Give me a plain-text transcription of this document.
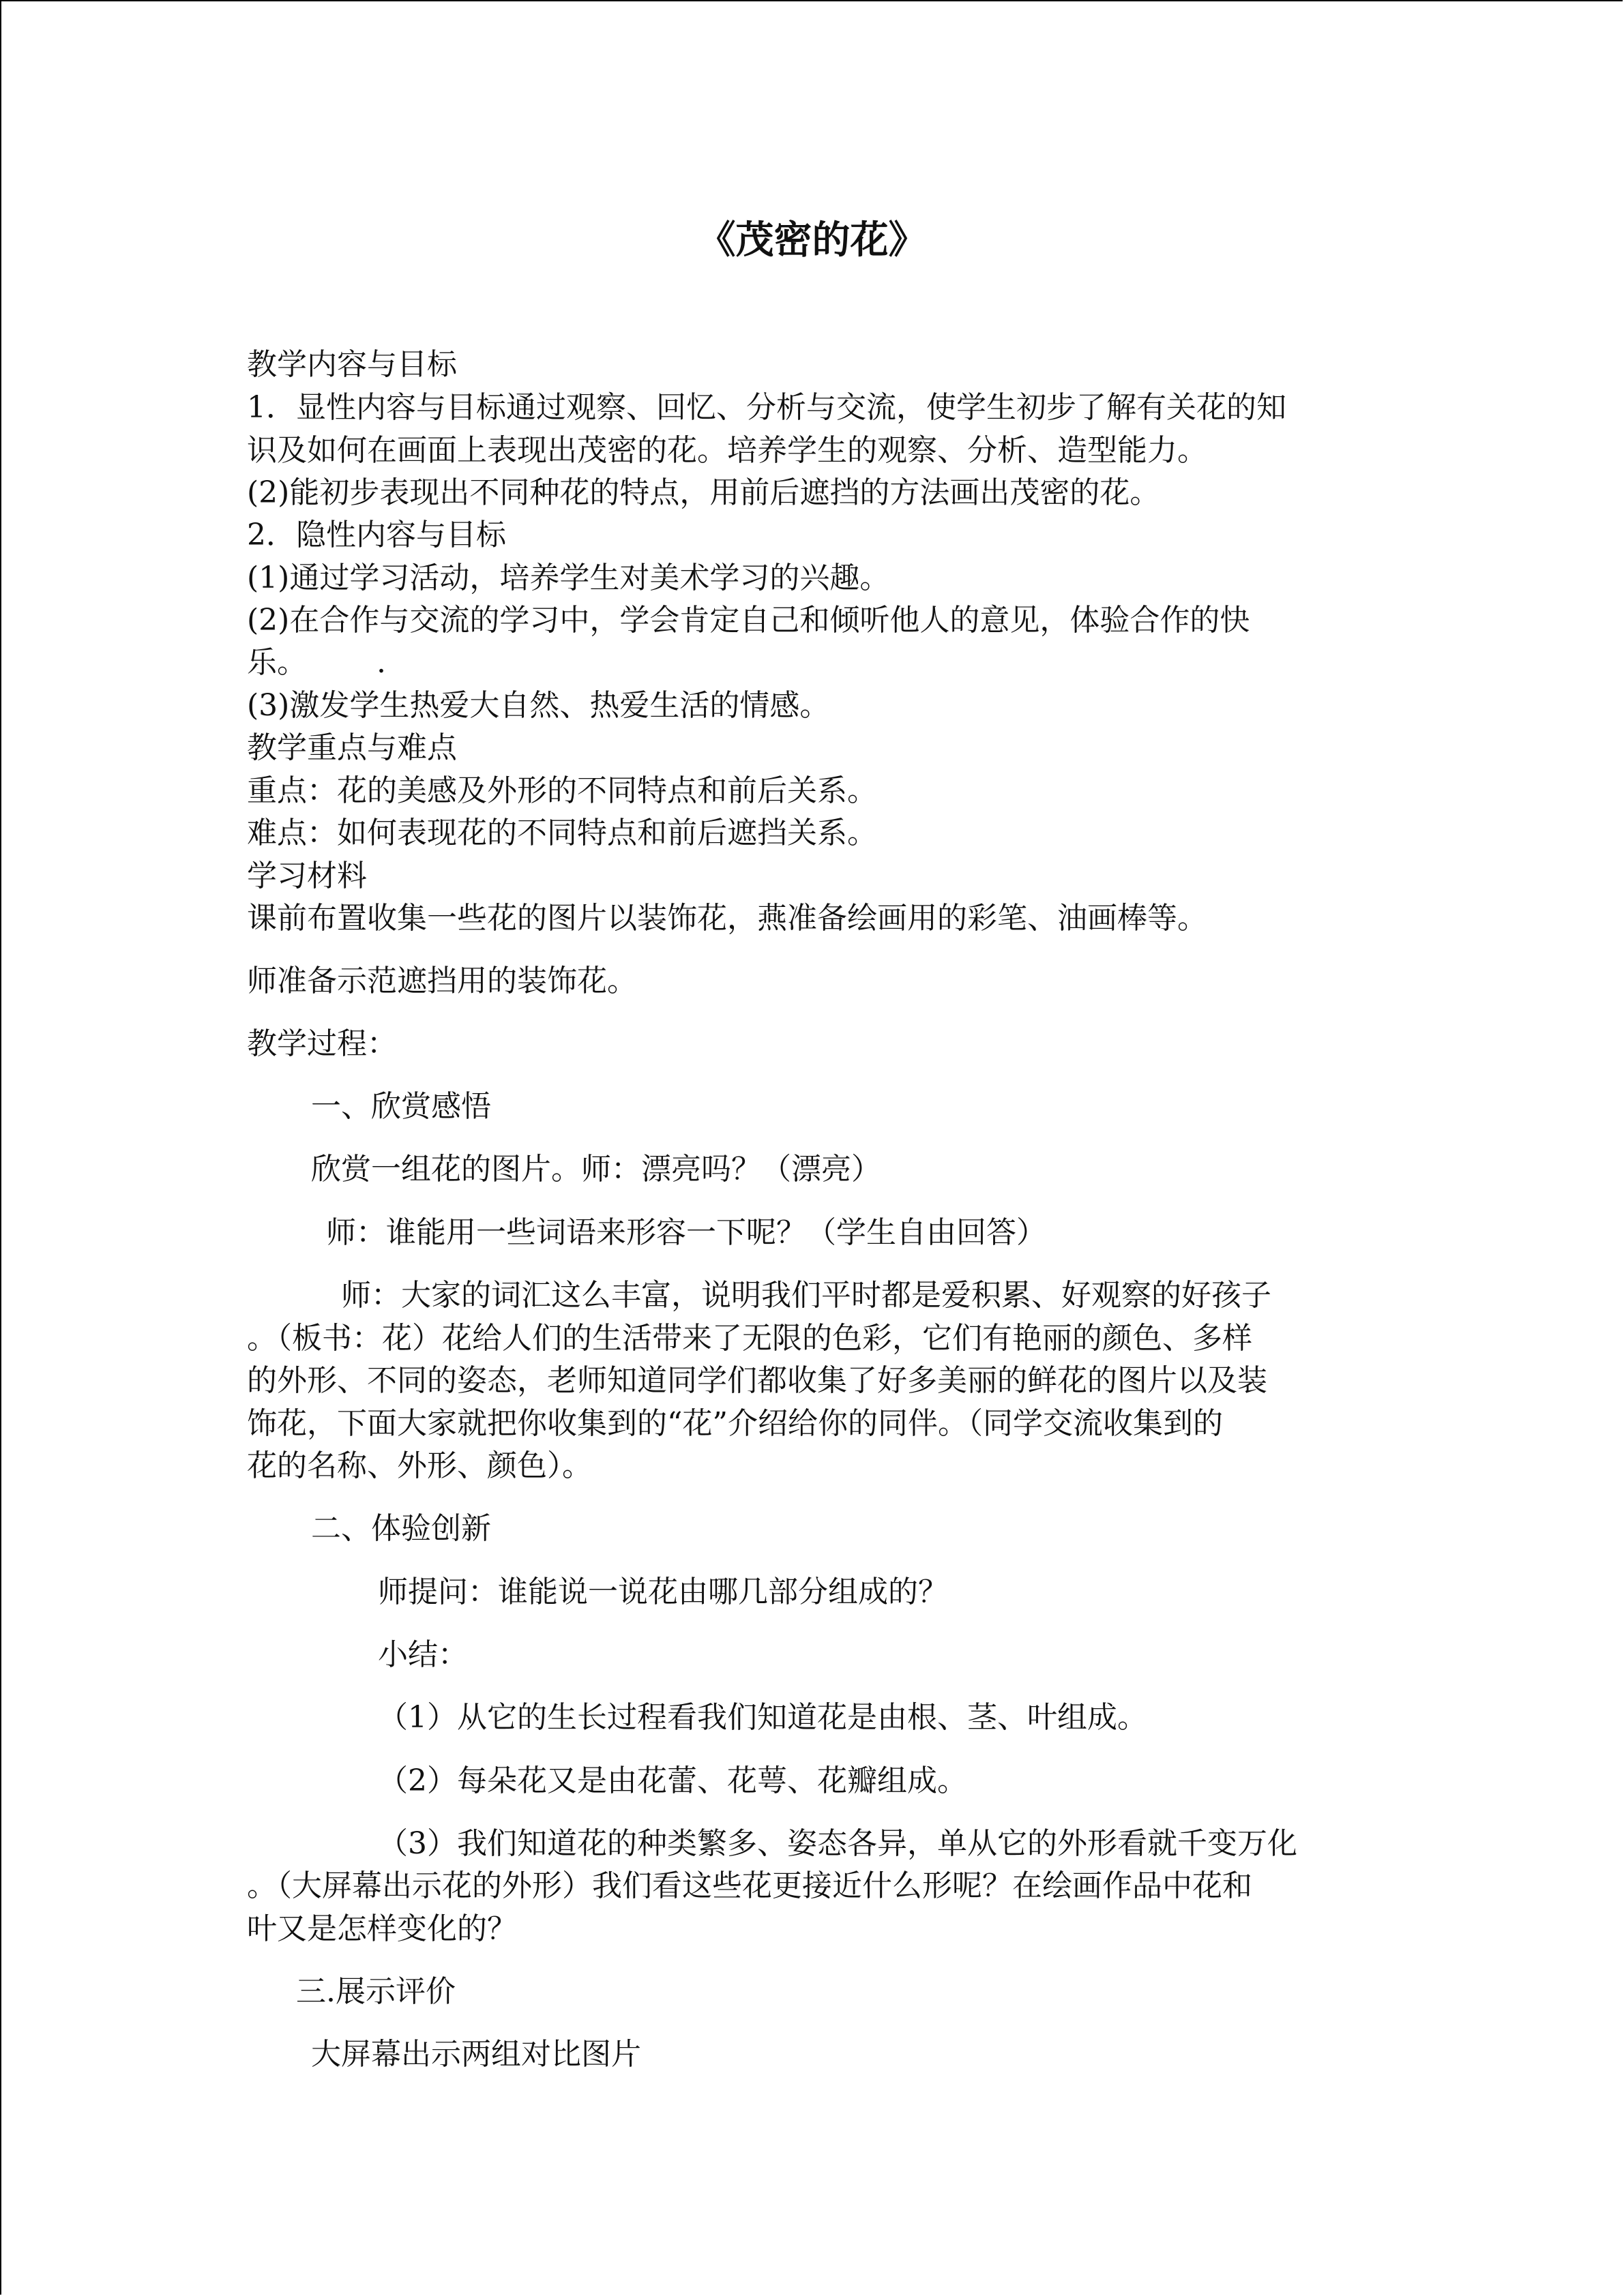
《茂密的花》

教学内容与目标

1．显性内容与目标通过观察、回忆、分析与交流，使学生初步了解有关花的知

识及如何在画面上表现出茂密的花。培养学生的观察、分析、造型能力。

(2)能初步表现出不同种花的特点，用前后遮挡的方法画出茂密的花。

2．隐性内容与目标

(1)通过学习活动，培养学生对美术学习的兴趣。

(2)在合作与交流的学习中，学会肯定自己和倾听他人的意见，体验合作的快

乐。 　　.

(3)激发学生热爱大自然、热爱生活的情感。

教学重点与难点

重点：花的美感及外形的不同特点和前后关系。

难点：如何表现花的不同特点和前后遮挡关系。

学习材料

课前布置收集一些花的图片以装饰花，燕准备绘画用的彩笔、油画棒等。

师准备示范遮挡用的装饰花。

教学过程：

一、欣赏感悟

欣赏一组花的图片。师：漂亮吗？（漂亮）

师：谁能用一些词语来形容一下呢？（学生自由回答）

师：大家的词汇这么丰富，说明我们平时都是爱积累、好观察的好孩子

。（板书：花）花给人们的生活带来了无限的色彩，它们有艳丽的颜色、多样

的外形、不同的姿态，老师知道同学们都收集了好多美丽的鲜花的图片以及装

饰花，下面大家就把你收集到的“花”介绍给你的同伴。（同学交流收集到的

花的名称、外形、颜色）。

二、体验创新

师提问：谁能说一说花由哪几部分组成的？

小结：

（1）从它的生长过程看我们知道花是由根、茎、叶组成。

（2）每朵花又是由花蕾、花萼、花瓣组成。

（3）我们知道花的种类繁多、姿态各异，单从它的外形看就千变万化

。（大屏幕出示花的外形）我们看这些花更接近什么形呢？在绘画作品中花和

叶又是怎样变化的？

三.展示评价

大屏幕出示两组对比图片
